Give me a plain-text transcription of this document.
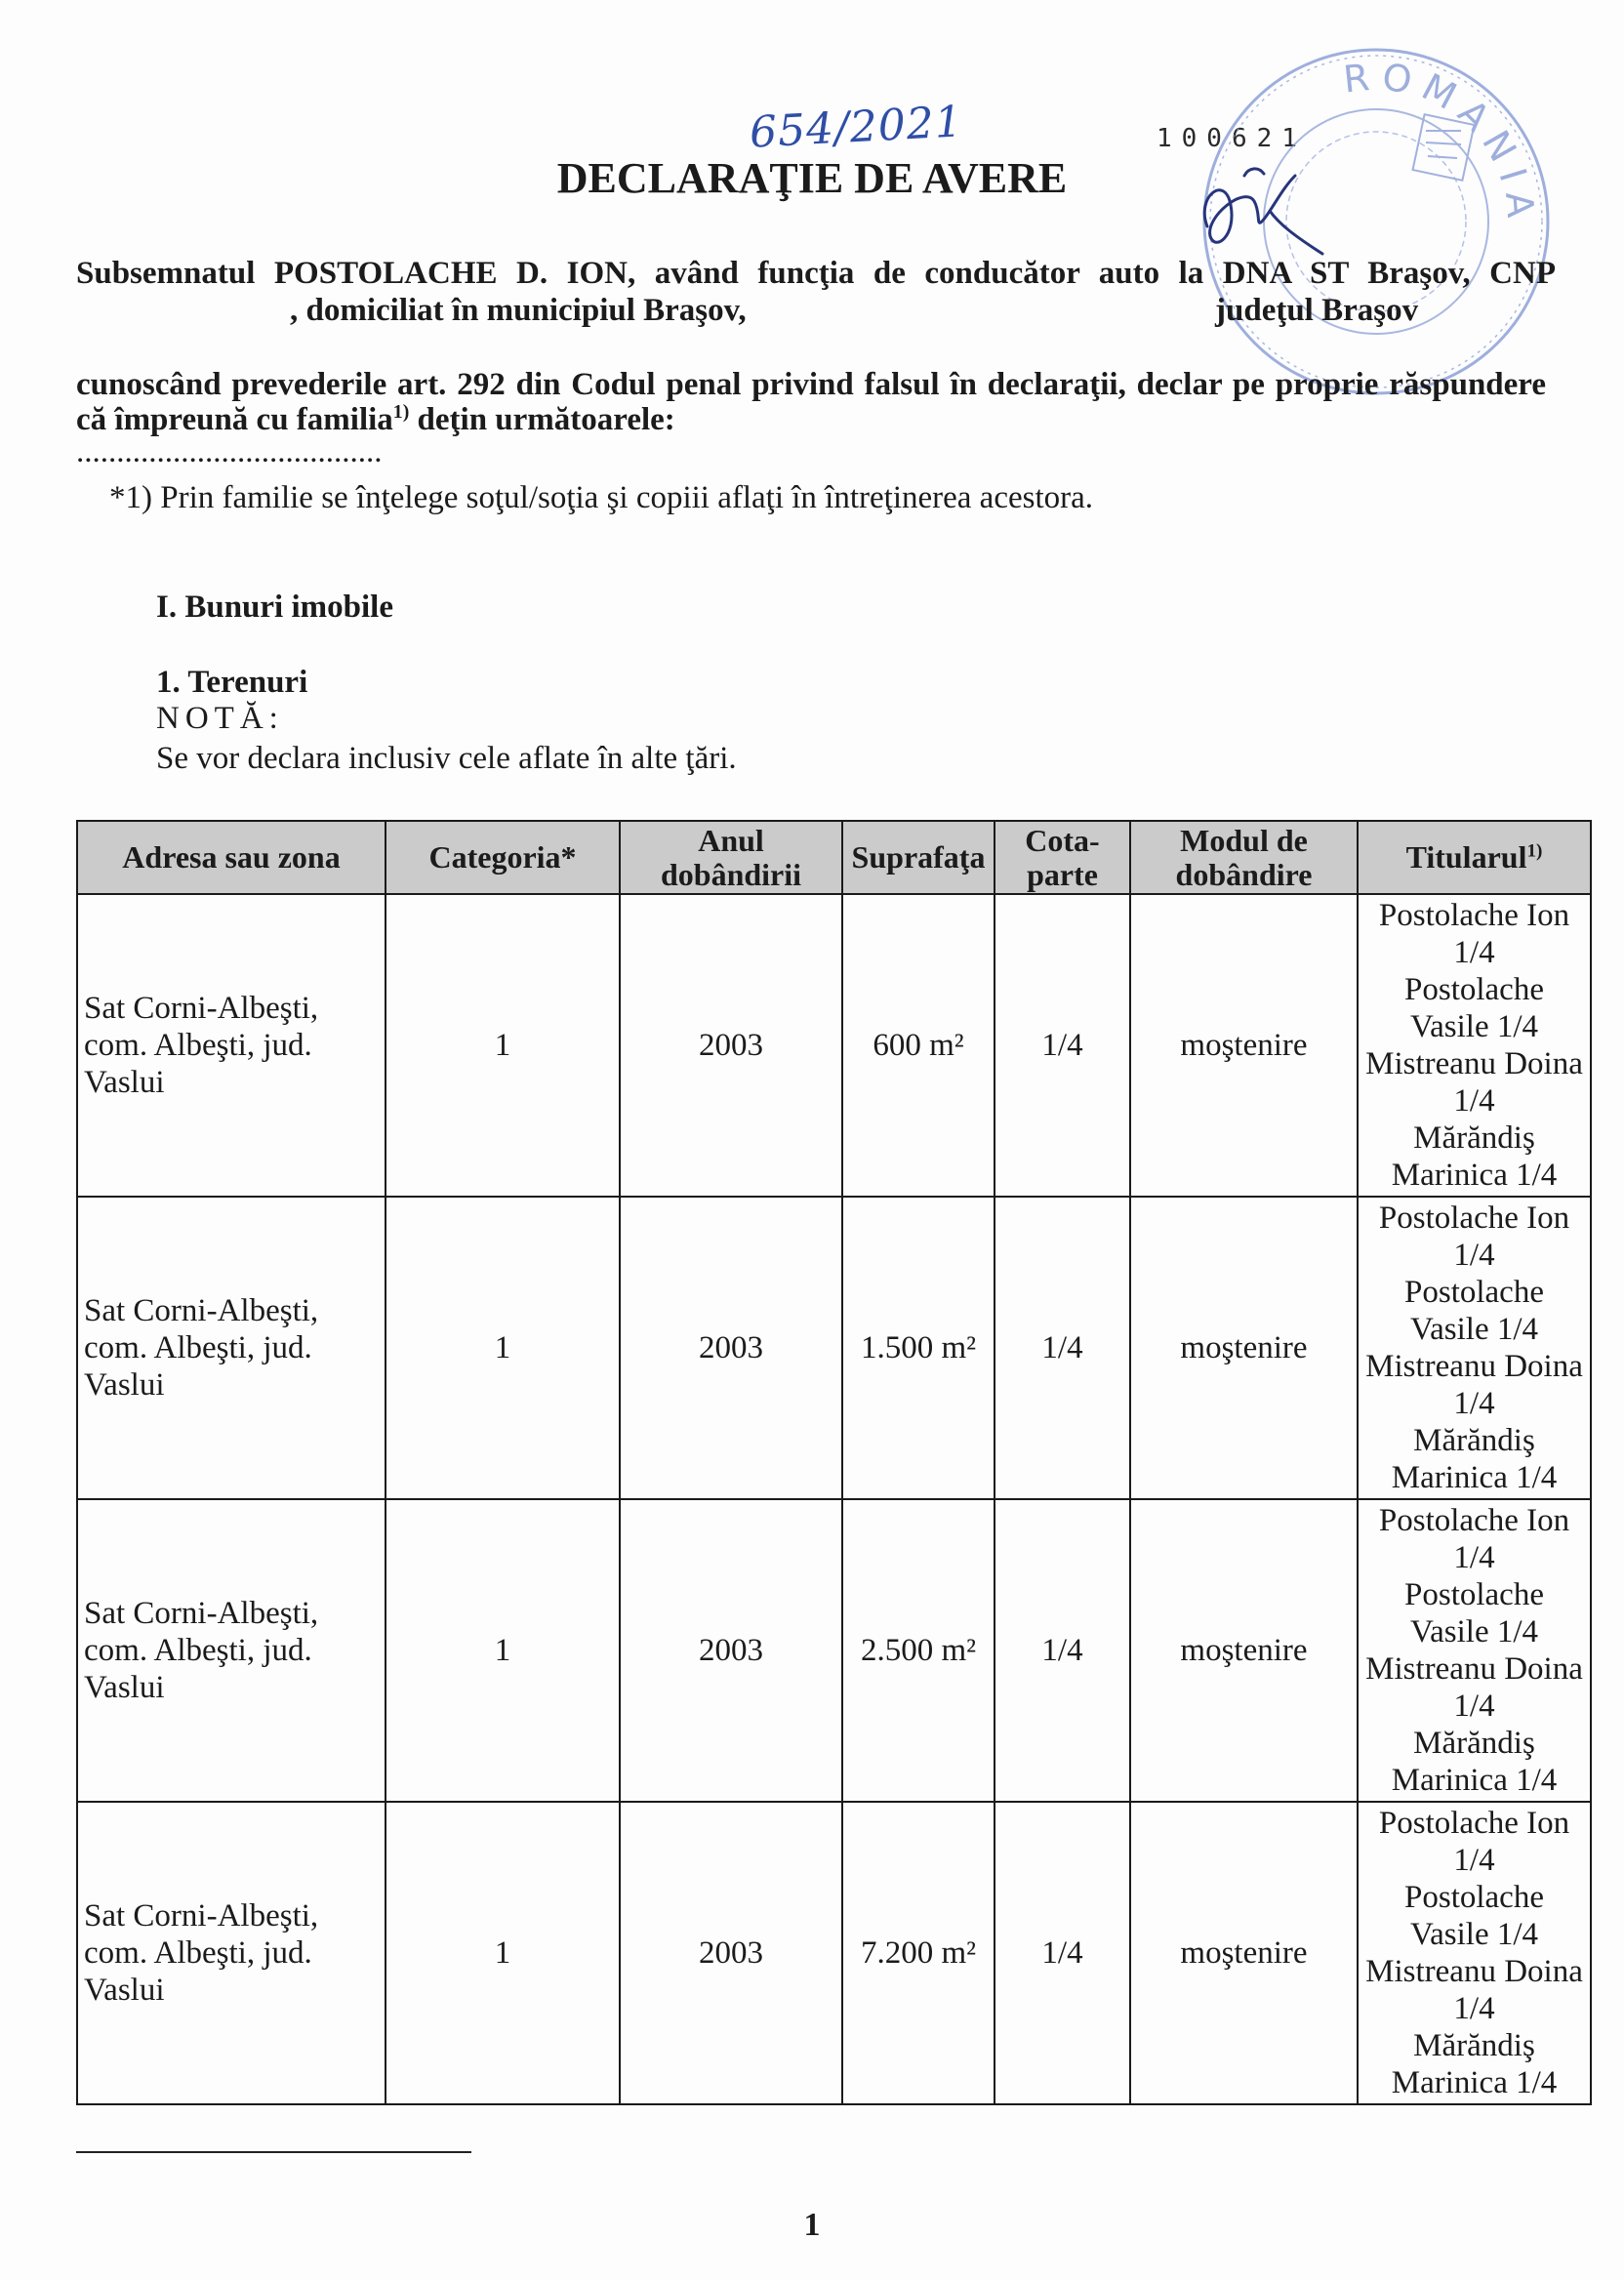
654/2021	100621
ROMANIA
DECLARAŢIE DE AVERE
Subsemnatul POSTOLACHE D. ION, având funcţia de conducător auto la DNA ST Braşov, CNP
, domiciliat în municipiul Braşov,	judeţul Braşov
cunoscând prevederile art. 292 din Codul penal privind falsul în declaraţii, declar pe proprie răspundere
că împreună cu familia$^{1)}$ deţin următoarele:
......................................
*1) Prin familie se înţelege soţul/soţia şi copiii aflaţi în întreţinerea acestora.
I. Bunuri imobile
1. Terenuri
NOTĂ:
Se vor declara inclusiv cele aflate în alte ţări.
Adresa sau zona	Categoria*	Anul dobândirii	Suprafaţa	Cota-parte	Modul de dobândire	Titularul$^{1)}$
Sat Corni-Albeşti, com. Albeşti, jud. Vaslui	1	2003	600 m²	1/4	moştenire	Postolache Ion 1/4
Postolache Vasile 1/4
Mistreanu Doina 1/4
Mărăndiş Marinica 1/4

Sat Corni-Albeşti, com. Albeşti, jud. Vaslui	1	2003	1.500 m²	1/4	moştenire	Postolache Ion 1/4
Postolache Vasile 1/4
Mistreanu Doina 1/4
Mărăndiş Marinica 1/4

Sat Corni-Albeşti, com. Albeşti, jud. Vaslui	1	2003	2.500 m²	1/4	moştenire	Postolache Ion 1/4
Postolache Vasile 1/4
Mistreanu Doina 1/4
Mărăndiş Marinica 1/4

Sat Corni-Albeşti, com. Albeşti, jud. Vaslui	1	2003	7.200 m²	1/4	moştenire	Postolache Ion 1/4
Postolache Vasile 1/4
Mistreanu Doina 1/4
Mărăndiş Marinica 1/4
1
